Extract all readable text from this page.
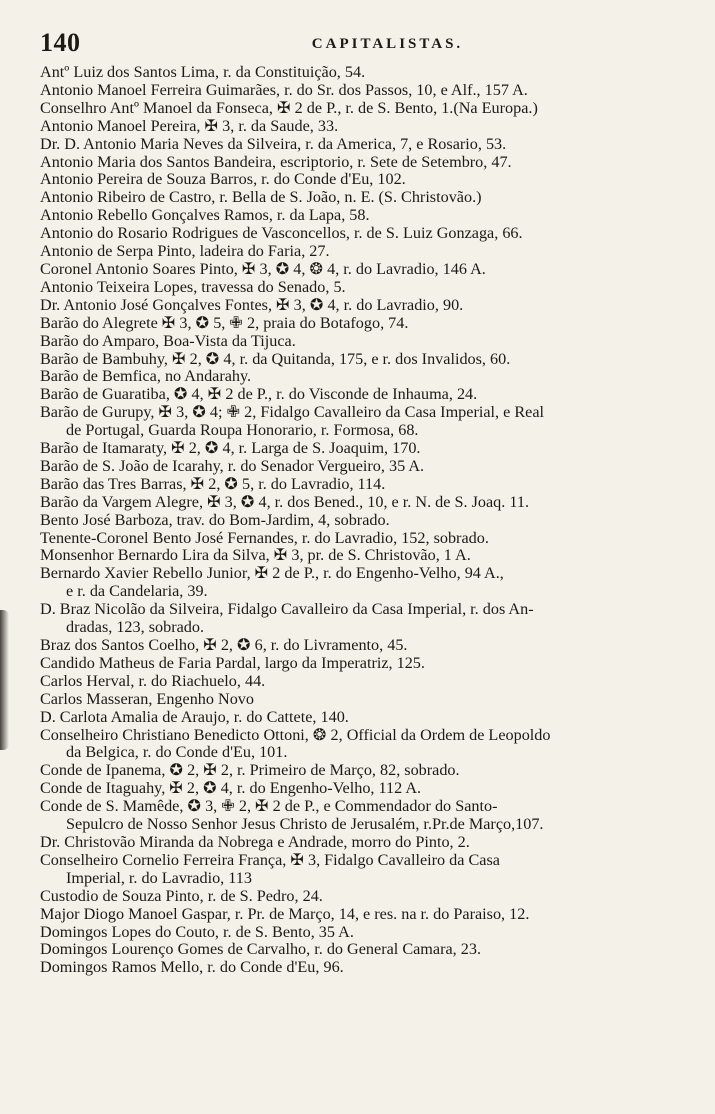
140	CAPITALISTAS.
Antº Luiz dos Santos Lima, r. da Constituição, 54.
Antonio Manoel Ferreira Guimarães, r. do Sr. dos Passos, 10, e Alf., 157 A.
Conselhro Antº Manoel da Fonseca, ✠ 2 de P., r. de S. Bento, 1.(Na Europa.)
Antonio Manoel Pereira, ✠ 3, r. da Saude, 33.
Dr. D. Antonio Maria Neves da Silveira, r. da America, 7, e Rosario, 53.
Antonio Maria dos Santos Bandeira, escriptorio, r. Sete de Setembro, 47.
Antonio Pereira de Souza Barros, r. do Conde d'Eu, 102.
Antonio Ribeiro de Castro, r. Bella de S. João, n. E. (S. Christovão.)
Antonio Rebello Gonçalves Ramos, r. da Lapa, 58.
Antonio do Rosario Rodrigues de Vasconcellos, r. de S. Luiz Gonzaga, 66.
Antonio de Serpa Pinto, ladeira do Faria, 27.
Coronel Antonio Soares Pinto, ✠ 3, ✪ 4, ❂ 4, r. do Lavradio, 146 A.
Antonio Teixeira Lopes, travessa do Senado, 5.
Dr. Antonio José Gonçalves Fontes, ✠ 3, ✪ 4, r. do Lavradio, 90.
Barão do Alegrete ✠ 3, ✪ 5, ✙ 2, praia do Botafogo, 74.
Barão do Amparo, Boa-Vista da Tijuca.
Barão de Bambuhy, ✠ 2, ✪ 4, r. da Quitanda, 175, e r. dos Invalidos, 60.
Barão de Bemfica, no Andarahy.
Barão de Guaratiba, ✪ 4, ✠ 2 de P., r. do Visconde de Inhauma, 24.
Barão de Gurupy, ✠ 3, ✪ 4; ✙ 2, Fidalgo Cavalleiro da Casa Imperial, e Real
de Portugal, Guarda Roupa Honorario, r. Formosa, 68.
Barão de Itamaraty, ✠ 2, ✪ 4, r. Larga de S. Joaquim, 170.
Barão de S. João de Icarahy, r. do Senador Vergueiro, 35 A.
Barão das Tres Barras, ✠ 2, ✪ 5, r. do Lavradio, 114.
Barão da Vargem Alegre, ✠ 3, ✪ 4, r. dos Bened., 10, e r. N. de S. Joaq. 11.
Bento José Barboza, trav. do Bom-Jardim, 4, sobrado.
Tenente-Coronel Bento José Fernandes, r. do Lavradio, 152, sobrado.
Monsenhor Bernardo Lira da Silva, ✠ 3, pr. de S. Christovão, 1 A.
Bernardo Xavier Rebello Junior, ✠ 2 de P., r. do Engenho-Velho, 94 A.,
e r. da Candelaria, 39.
D. Braz Nicolão da Silveira, Fidalgo Cavalleiro da Casa Imperial, r. dos An-
dradas, 123, sobrado.
Braz dos Santos Coelho, ✠ 2, ✪ 6, r. do Livramento, 45.
Candido Matheus de Faria Pardal, largo da Imperatriz, 125.
Carlos Herval, r. do Riachuelo, 44.
Carlos Masseran, Engenho Novo
D. Carlota Amalia de Araujo, r. do Cattete, 140.
Conselheiro Christiano Benedicto Ottoni, ❂ 2, Official da Ordem de Leopoldo
da Belgica, r. do Conde d'Eu, 101.
Conde de Ipanema, ✪ 2, ✠ 2, r. Primeiro de Março, 82, sobrado.
Conde de Itaguahy, ✠ 2, ✪ 4, r. do Engenho-Velho, 112 A.
Conde de S. Mamêde, ✪ 3, ✙ 2, ✠ 2 de P., e Commendador do Santo-
Sepulcro de Nosso Senhor Jesus Christo de Jerusalém, r.Pr.de Março,107.
Dr. Christovão Miranda da Nobrega e Andrade, morro do Pinto, 2.
Conselheiro Cornelio Ferreira França, ✠ 3, Fidalgo Cavalleiro da Casa
Imperial, r. do Lavradio, 113
Custodio de Souza Pinto, r. de S. Pedro, 24.
Major Diogo Manoel Gaspar, r. Pr. de Março, 14, e res. na r. do Paraiso, 12.
Domingos Lopes do Couto, r. de S. Bento, 35 A.
Domingos Lourenço Gomes de Carvalho, r. do General Camara, 23.
Domingos Ramos Mello, r. do Conde d'Eu, 96.
